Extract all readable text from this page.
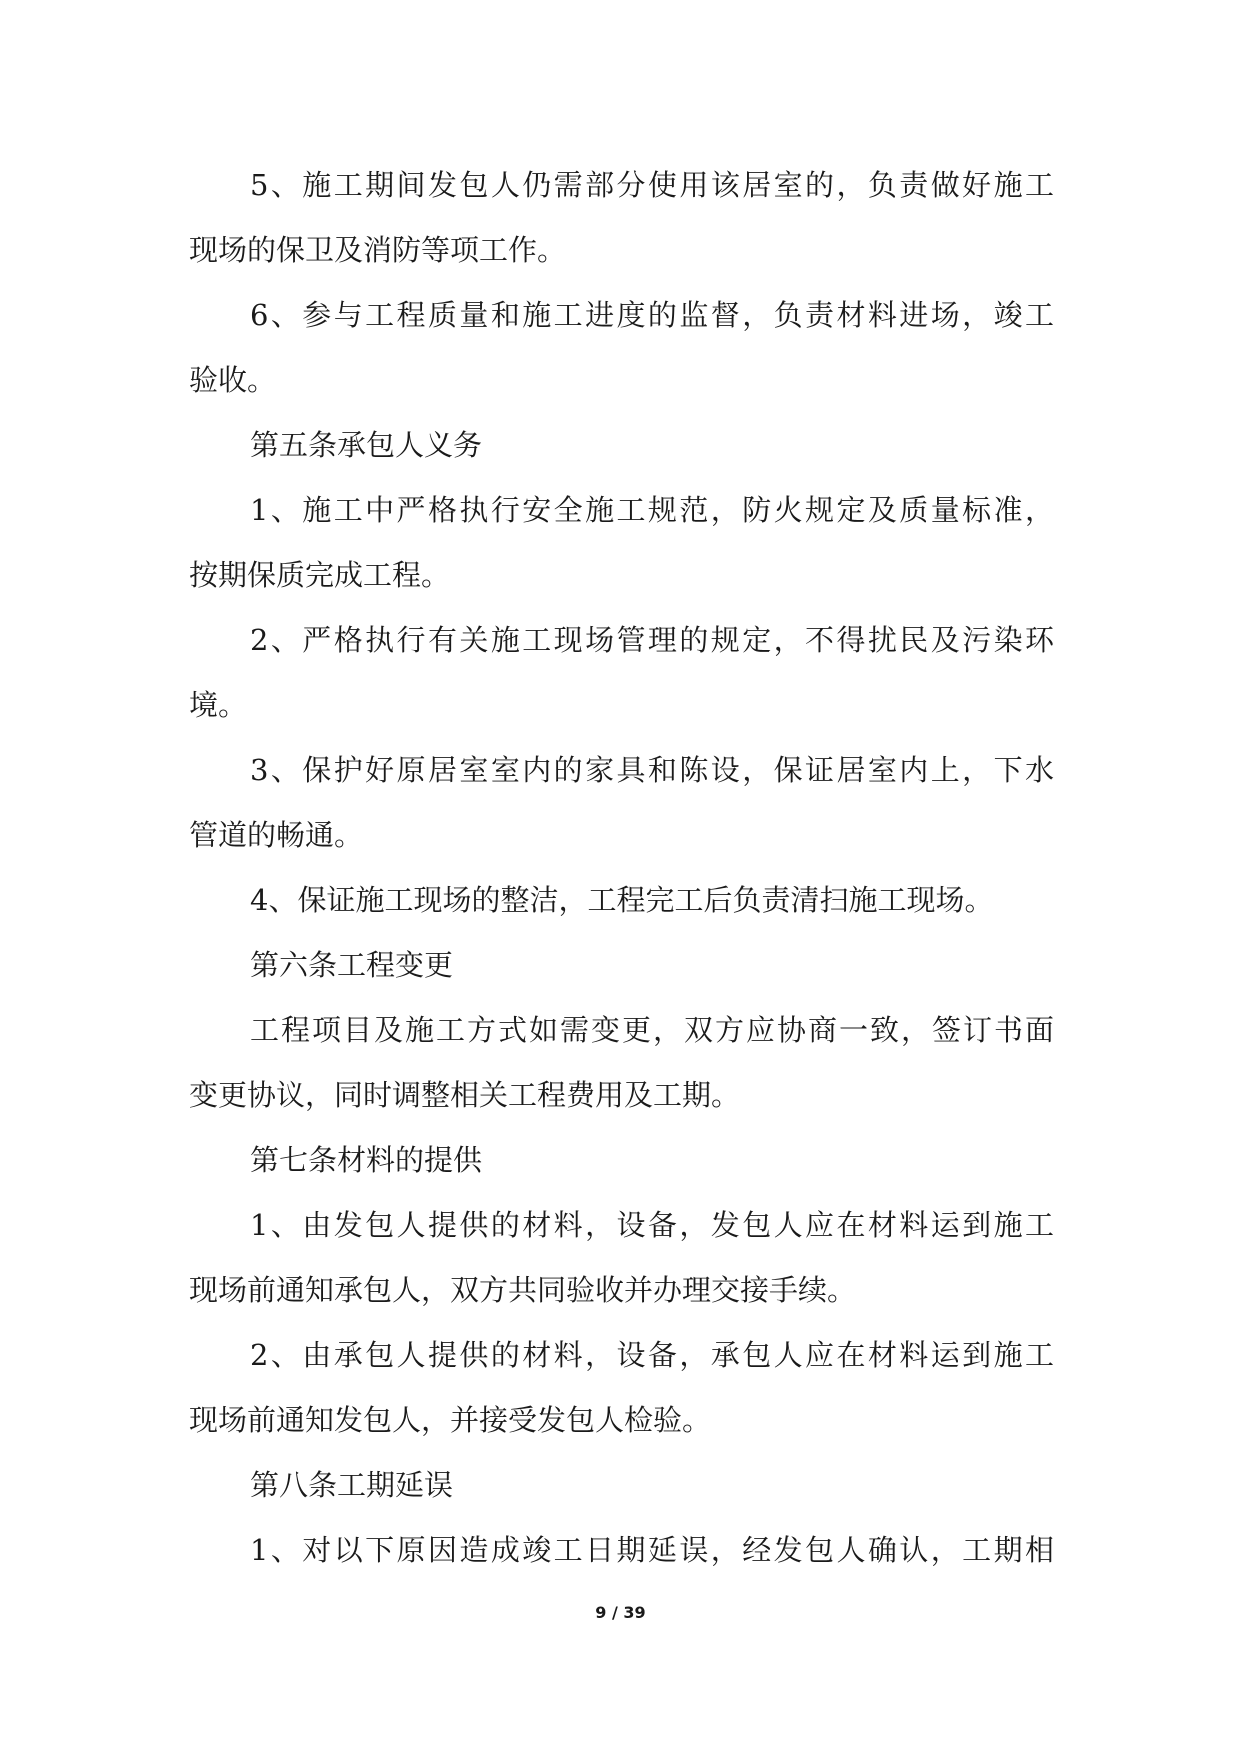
5、施工期间发包人仍需部分使用该居室的，负责做好施工

现场的保卫及消防等项工作。

6、参与工程质量和施工进度的监督，负责材料进场，竣工

验收。

第五条承包人义务

1、施工中严格执行安全施工规范，防火规定及质量标准，

按期保质完成工程。

2、严格执行有关施工现场管理的规定，不得扰民及污染环

境。

3、保护好原居室室内的家具和陈设，保证居室内上，下水

管道的畅通。

4、保证施工现场的整洁，工程完工后负责清扫施工现场。

第六条工程变更

工程项目及施工方式如需变更，双方应协商一致，签订书面

变更协议，同时调整相关工程费用及工期。

第七条材料的提供

1、由发包人提供的材料，设备，发包人应在材料运到施工

现场前通知承包人，双方共同验收并办理交接手续。

2、由承包人提供的材料，设备，承包人应在材料运到施工

现场前通知发包人，并接受发包人检验。

第八条工期延误

1、对以下原因造成竣工日期延误，经发包人确认，工期相

9 / 39
